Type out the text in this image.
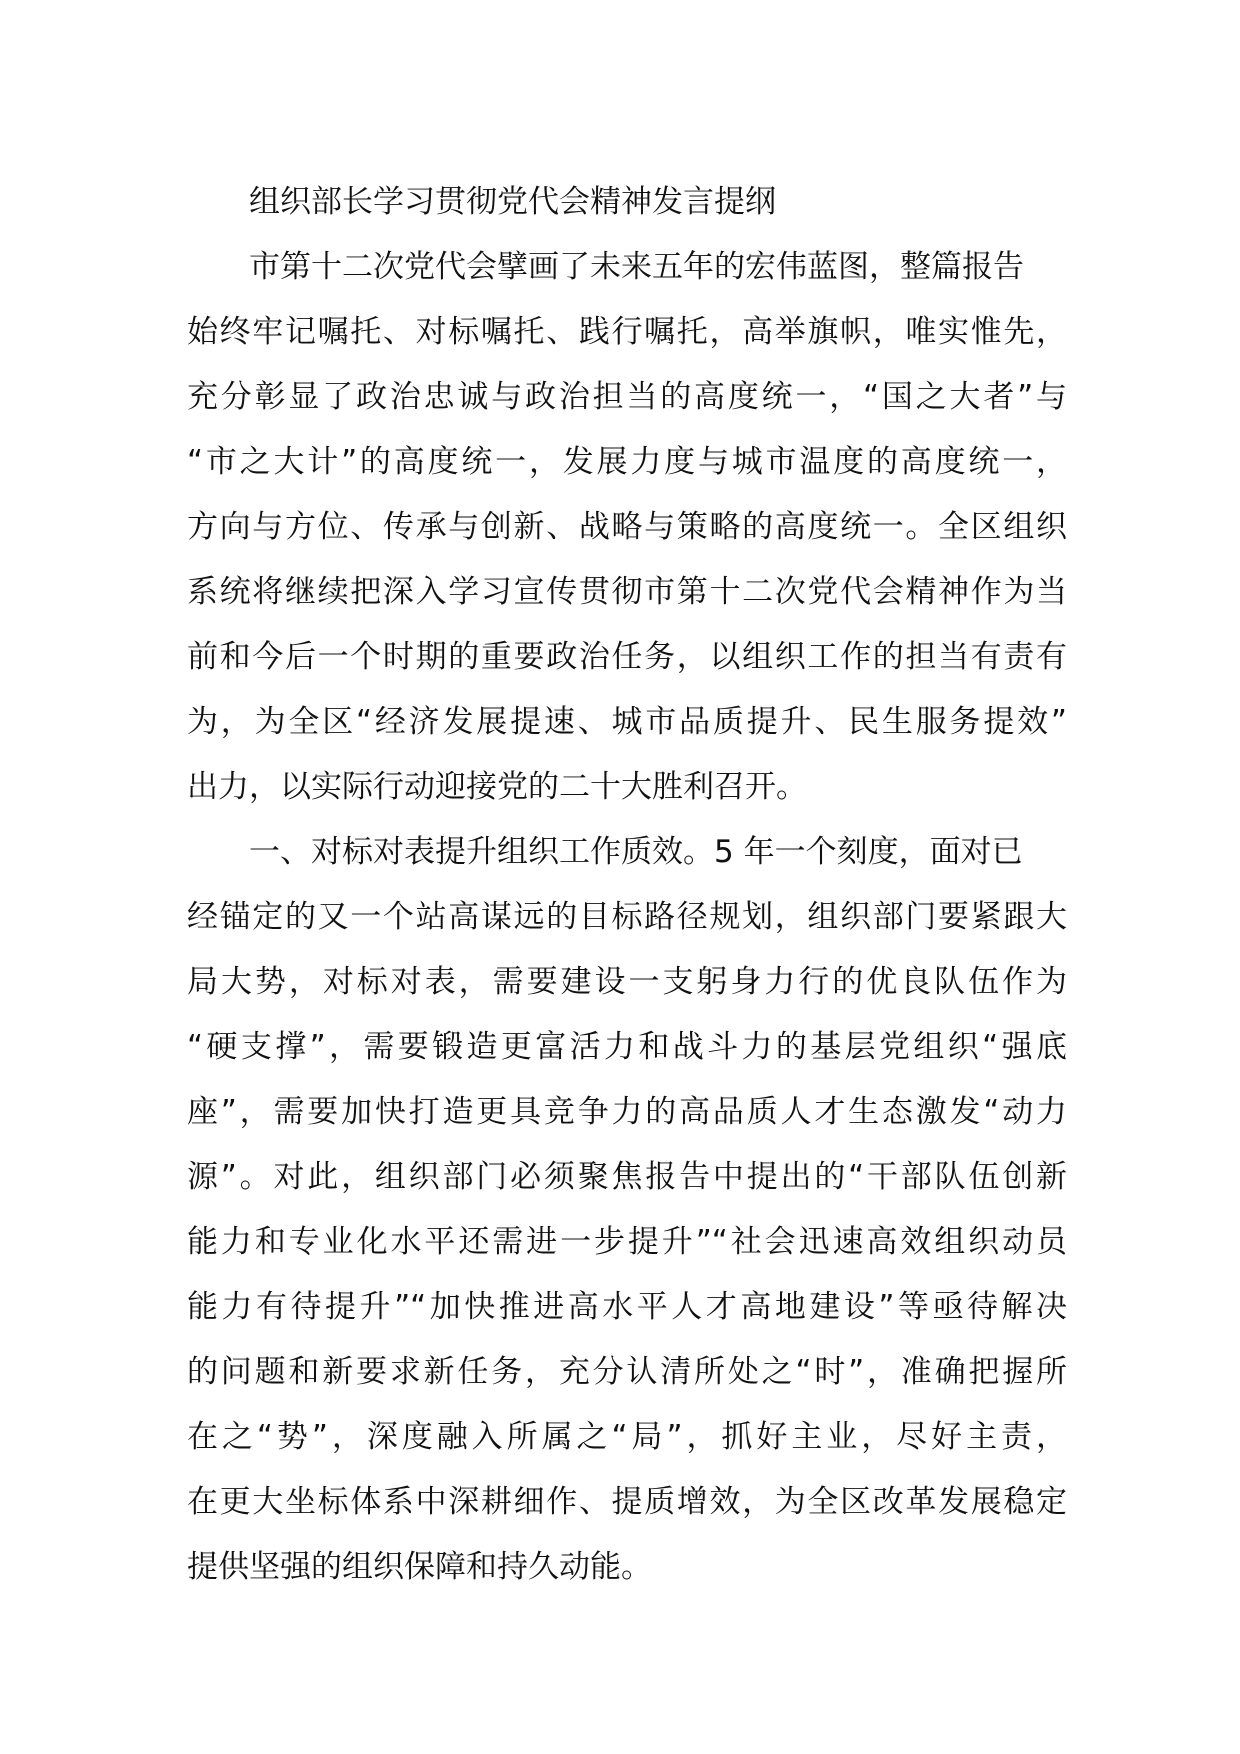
组织部长学习贯彻党代会精神发言提纲
市第十二次党代会擘画了未来五年的宏伟蓝图，整篇报告
始终牢记嘱托、对标嘱托、践行嘱托，高举旗帜，唯实惟先，
充分彰显了政治忠诚与政治担当的高度统一，“国之大者”与
“市之大计”的高度统一，发展力度与城市温度的高度统一，
方向与方位、传承与创新、战略与策略的高度统一。全区组织
系统将继续把深入学习宣传贯彻市第十二次党代会精神作为当
前和今后一个时期的重要政治任务，以组织工作的担当有责有
为，为全区“经济发展提速、城市品质提升、民生服务提效”
出力，以实际行动迎接党的二十大胜利召开。
一、对标对表提升组织工作质效。5 年一个刻度，面对已
经锚定的又一个站高谋远的目标路径规划，组织部门要紧跟大
局大势，对标对表，需要建设一支躬身力行的优良队伍作为
“硬支撑”，需要锻造更富活力和战斗力的基层党组织“强底
座”，需要加快打造更具竞争力的高品质人才生态激发“动力
源”。对此，组织部门必须聚焦报告中提出的“干部队伍创新
能力和专业化水平还需进一步提升”“社会迅速高效组织动员
能力有待提升”“加快推进高水平人才高地建设”等亟待解决
的问题和新要求新任务，充分认清所处之“时”，准确把握所
在之“势”，深度融入所属之“局”，抓好主业，尽好主责，
在更大坐标体系中深耕细作、提质增效，为全区改革发展稳定
提供坚强的组织保障和持久动能。
